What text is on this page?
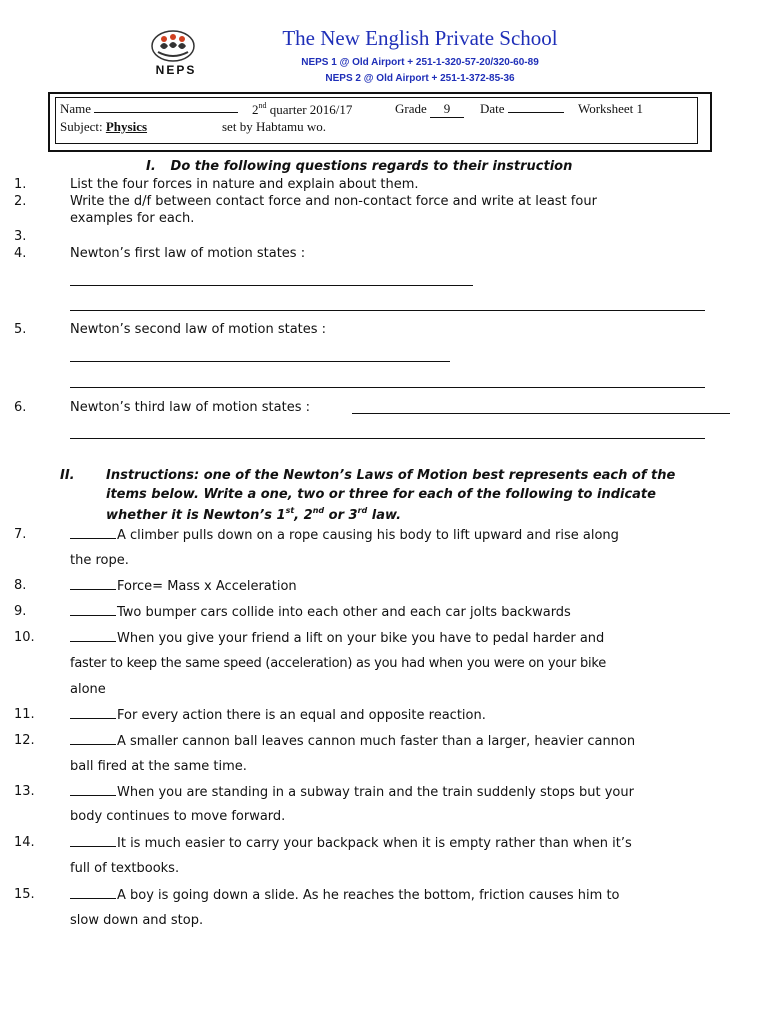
NEPS
The New English Private School
NEPS 1 @ Old Airport + 251-1-320-57-20/320-60-89
NEPS 2 @ Old Airport + 251-1-372-85-36
Name	2nd quarter 2016/17	Grade 9	Date	Worksheet 1
Subject: Physics	set by Habtamu wo.
I. Do the following questions regards to their instruction
1.	List the four forces in nature and explain about them.
2.	Write the d/f between contact force and non-contact force and write at least four
examples for each.
3.
4.	Newton’s first law of motion states :
5.	Newton’s second law of motion states :
6.	Newton’s third law of motion states :
II. Instructions: one of the Newton’s Laws of Motion best represents each of the
items below. Write a one, two or three for each of the following to indicate
whether it is Newton’s 1st, 2nd or 3rd law.
7.	A climber pulls down on a rope causing his body to lift upward and rise along
the rope.
8.	Force= Mass x Acceleration
9.	Two bumper cars collide into each other and each car jolts backwards
10.	When you give your friend a lift on your bike you have to pedal harder and
faster to keep the same speed (acceleration) as you had when you were on your bike
alone
11.	For every action there is an equal and opposite reaction.
12.	A smaller cannon ball leaves cannon much faster than a larger, heavier cannon
ball fired at the same time.
13.	When you are standing in a subway train and the train suddenly stops but your
body continues to move forward.
14.	It is much easier to carry your backpack when it is empty rather than when it’s
full of textbooks.
15.	A boy is going down a slide. As he reaches the bottom, friction causes him to
slow down and stop.
